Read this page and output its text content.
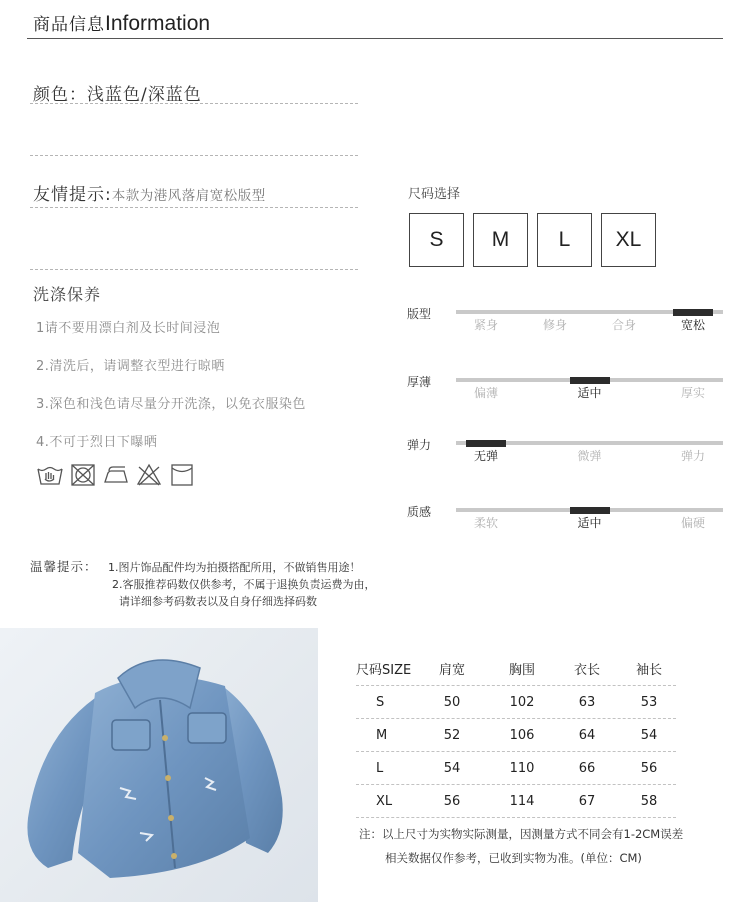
商品信息Information
颜色：浅蓝色/深蓝色
友情提示:本款为港风落肩宽松版型
洗涤保养
1请不要用漂白剂及长时间浸泡
2.清洗后，请调整衣型进行晾晒
3.深色和浅色请尽量分开洗涤，以免衣服染色
4.不可于烈日下曝晒
温馨提示： 1.图片饰品配件均为拍摄搭配所用，不做销售用途！
2.客服推荐码数仅供参考，不属于退换负责运费为由，
请详细参考码数表以及自身仔细选择码数
尺码选择
S	M	L	XL
版型
紧身	修身	合身	宽松
厚薄
偏薄	适中	厚实
弹力
无弹	微弹	弹力
质感
柔软	适中	偏硬
尺码SIZE	肩宽	胸围	衣长	袖长
S	50	102	63	53
M	52	106	64	54
L	54	110	66	56
XL	56	114	67	58
注：以上尺寸为实物实际测量，因测量方式不同会有1-2CM误差
相关数据仅作参考，已收到实物为准。(单位：CM)
